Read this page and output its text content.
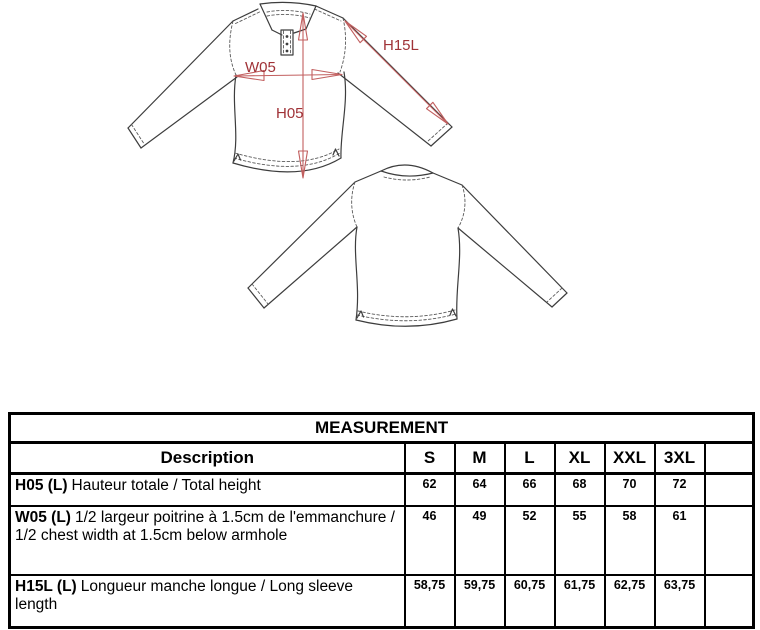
W05
H05
H15L
MEASUREMENT							
Description	S	M	L	XL	XXL	3XL	
H05 (L) Hauteur totale / Total height	62	64	66	68	70	72	
W05 (L) 1/2 largeur poitrine à 1.5cm de l'emmanchure / 1/2 chest width at 1.5cm below armhole	46	49	52	55	58	61	
H15L (L) Longueur manche longue / Long sleeve length	58,75	59,75	60,75	61,75	62,75	63,75	
